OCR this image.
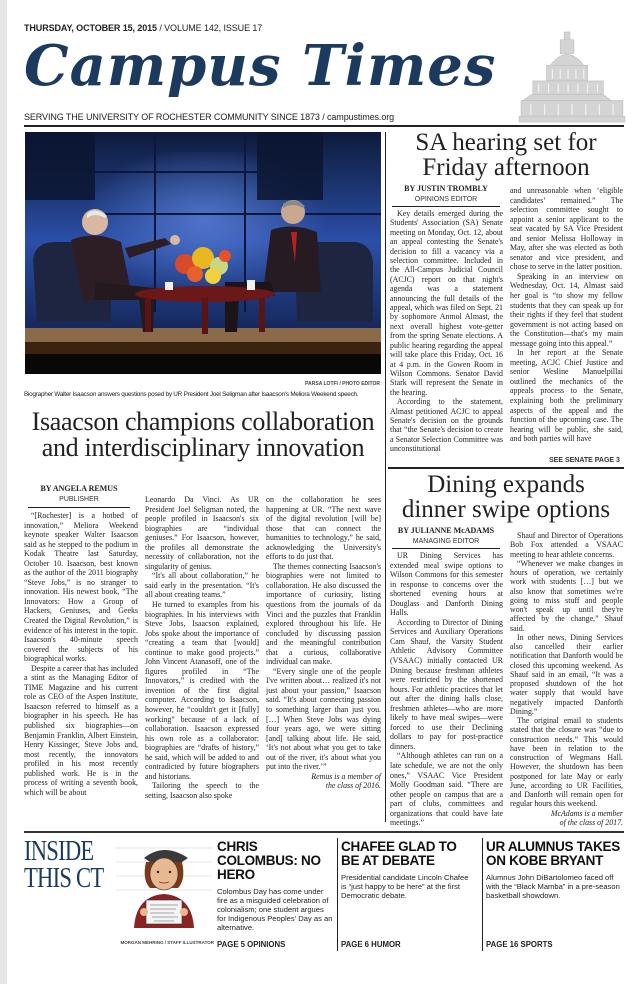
THURSDAY, OCTOBER 15, 2015 / VOLUME 142, ISSUE 17
Campus Times
SERVING THE UNIVERSITY OF ROCHESTER COMMUNITY SINCE 1873 / campustimes.org
PARSA LOTFI / PHOTO EDITOR
Biographer Walter Isaacson answers questions posed by UR President Joel Seligman after Isaacson's Meliora Weekend speech.
SA hearing set for
Friday afternoon
BY JUSTIN TROMBLY
OPINIONS EDITOR

Key details emerged during the Students' Association (SA) Senate meeting on Monday, Oct. 12, about an appeal contesting the Senate's decision to fill a vacancy via a selection committee. Included in the All-Campus Judicial Council (ACJC) report on that night's agenda was a statement announcing the full details of the appeal, which was filed on Sept. 21 by sophomore Anmol Almast, the next overall highest vote-getter from the spring Senate elections. A public hearing regarding the appeal will take place this Friday, Oct. 16 at 4 p.m. in the Gowen Room in Wilson Commons. Senator David Stark will represent the Senate in the hearing.

According to the statement, Almast petitioned ACJC to appeal Senate's decision on the grounds that “the Senate's decision to create a Senator Selection Committee was unconstitutional

and unreasonable when ‘eligible candidates’ remained.” The selection committee sought to appoint a senior applicant to the seat vacated by SA Vice President and senior Melissa Holloway in May, after she was elected as both senator and vice president, and chose to serve in the latter position.

Speaking in an interview on Wednesday, Oct. 14, Almast said her goal is “to show my fellow students that they can speak up for their rights if they feel that student government is not acting based on the Constitution—that's my main message going into this appeal.”

In her report at the Senate meeting, ACJC Chief Justice and senior Wesline Manuelpillai outlined the mechanics of the appeals process to the Senate, explaining both the preliminary aspects of the appeal and the function of the upcoming case. The hearing will be public, she said, and both parties will have

SEE SENATE PAGE 3
Isaacson champions collaboration
and interdisciplinary innovation
BY ANGELA REMUS
PUBLISHER

“[Rochester] is a hotbed of innovation,” Meliora Weekend keynote speaker Walter Isaacson said as he stepped to the podium in Kodak Theatre last Saturday, October 10. Isaacson, best known as the author of the 2011 biography “Steve Jobs,” is no stranger to innovation. His newest book, “The Innovators: How a Group of Hackers, Geniuses, and Geeks Created the Digital Revolution,” is evidence of his interest in the topic. Isaacson's 40-minute speech covered the subjects of his biographical works.

Despite a career that has included a stint as the Managing Editor of TIME Magazine and his current role as CEO of the Aspen Institute, Isaacson referred to himself as a biographer in his speech. He has published six biographies—on Benjamin Franklin, Albert Einstein, Henry Kissinger, Steve Jobs and, most recently, the innovators profiled in his most recently published work. He is in the process of writing a seventh book, which will be about

Leonardo Da Vinci. As UR President Joel Seligman noted, the people profiled in Isaacson's six biographies are “individual geniuses.” For Isaacson, however, the profiles all demonstrate the necessity of collaboration, not the singularity of genius.

“It's all about collaboration,” he said early in the presentation. “It's all about creating teams.”

He turned to examples from his biographies. In his interviews with Steve Jobs, Isaacson explained, Jobs spoke about the importance of “creating a team that [would] continue to make good projects.” John Vincent Atanasoff, one of the figures profiled in “The Innovators,” is credited with the invention of the first digital computer. According to Isaacson, however, he “couldn't get it [fully] working” because of a lack of collaboration. Isaacson expressed his own role as a collaborator: biographies are “drafts of history,” he said, which will be added to and contradicted by future biographers and historians.

Tailoring the speech to the setting, Isaacson also spoke

on the collaboration he sees happening at UR. “The next wave of the digital revolution [will be] those that can connect the humanities to technology,” he said, acknowledging the University's efforts to do just that.

The themes connecting Isaacson's biographies were not limited to collaboration. He also discussed the importance of curiosity, listing questions from the journals of da Vinci and the puzzles that Franklin explored throughout his life. He concluded by discussing passion and the meaningful contribution that a curious, collaborative individual can make.

“Every single one of the people I've written about… realized it's not just about your passion,” Isaacson said. “It's about connecting passion to something larger than just you. […] When Steve Jobs was dying four years ago, we were sitting [and] talking about life. He said, ‘It's not about what you get to take out of the river, it's about what you put into the river.’”

Remus is a member of
the class of 2016.
Dining expands
dinner swipe options
BY JULIANNE McADAMS
MANAGING EDITOR

UR Dining Services has extended meal swipe options to Wilson Commons for this semester in response to concerns over the shortened evening hours at Douglass and Danforth Dining Halls.

According to Director of Dining Services and Auxiliary Operations Cam Shauf, the Varsity Student Athletic Advisory Committee (VSAAC) initially contacted UR Dining because freshman athletes were restricted by the shortened hours. For athletic practices that let out after the dining halls close, freshmen athletes—who are more likely to have meal swipes—were forced to use their Declining dollars to pay for post-practice dinners.

“Although athletes can run on a late schedule, we are not the only ones,” VSAAC Vice President Molly Goodman said. “There are other people on campus that are a part of clubs, committees and organizations that could have late meetings.”

Shauf and Director of Operations Bob Fox attended a VSAAC meeting to hear athlete concerns.

“Whenever we make changes in hours of operation, we certainly work with students […] but we also know that sometimes we're going to miss stuff and people won't speak up until they're affected by the change,” Shauf said.

In other news, Dining Services also cancelled their earlier notification that Danforth would be closed this upcoming weekend. As Shauf said in an email, “It was a proposed shutdown of the hot water supply that would have negatively impacted Danforth Dining.”

The original email to students stated that the closure was “due to construction needs.” This would have been in relation to the construction of Wegmans Hall. However, the shutdown has been postponed for late May or early June, according to UR Facilities, and Danforth will remain open for regular hours this weekend.

McAdams is a member
of the class of 2017.
INSIDE
THIS CT
MORGAN MEHRING / STAFF ILLUSTRATOR
CHRIS COLOMBUS: NO HERO
Colombus Day has come under fire as a misguided celebration of colonialism; one student argues for Indigenous Peoples' Day as an alternative.
PAGE 5 OPINIONS
CHAFEE GLAD TO BE AT DEBATE
Presidential candidate Lincoln Chafee is “just happy to be here” at the first Democratic debate.
PAGE 6 HUMOR
UR ALUMNUS TAKES ON KOBE BRYANT
Alumnus John DiBartolomeo faced off with the “Black Mamba” in a pre-season basketball showdown.
PAGE 16 SPORTS
